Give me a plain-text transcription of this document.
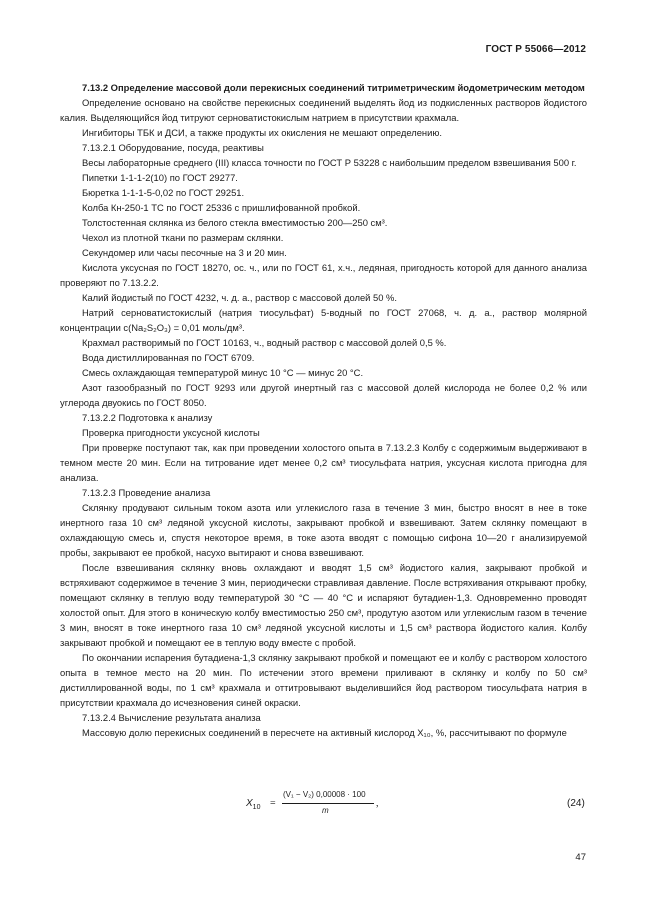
ГОСТ Р 55066—2012

7.13.2 Определение массовой доли перекисных соединений титриметрическим йодометрическим методом

Определение основано на свойстве перекисных соединений выделять йод из подкисленных растворов йодистого калия. Выделяющийся йод титруют серноватистокислым натрием в присутствии крахмала.

Ингибиторы ТБК и ДСИ, а также продукты их окисления не мешают определению.

7.13.2.1 Оборудование, посуда, реактивы

Весы лабораторные среднего (III) класса точности по ГОСТ Р 53228 с наибольшим пределом взвешивания 500 г.

Пипетки 1-1-1-2(10) по ГОСТ 29277.

Бюретка 1-1-1-5-0,02 по ГОСТ 29251.

Колба Кн-250-1 ТС по ГОСТ 25336 с пришлифованной пробкой.

Толстостенная склянка из белого стекла вместимостью 200—250 см³.

Чехол из плотной ткани по размерам склянки.

Секундомер или часы песочные на 3 и 20 мин.

Кислота уксусная по ГОСТ 18270, ос. ч., или по ГОСТ 61, х.ч., ледяная, пригодность которой для данного анализа проверяют по 7.13.2.2.

Калий йодистый по ГОСТ 4232, ч. д. а., раствор с массовой долей 50 %.

Натрий серноватистокислый (натрия тиосульфат) 5-водный по ГОСТ 27068, ч. д. а., раствор молярной концентрации с(Na₂S₂O₃) = 0,01 моль/дм³.

Крахмал растворимый по ГОСТ 10163, ч., водный раствор с массовой долей 0,5 %.

Вода дистиллированная по ГОСТ 6709.

Смесь охлаждающая температурой минус 10 °С — минус 20 °С.

Азот газообразный по ГОСТ 9293 или другой инертный газ с массовой долей кислорода не более 0,2 % или углерода двуокись по ГОСТ 8050.

7.13.2.2 Подготовка к анализу

Проверка пригодности уксусной кислоты

При проверке поступают так, как при проведении холостого опыта в 7.13.2.3 Колбу с содержимым выдерживают в темном месте 20 мин. Если на титрование идет менее 0,2 см³ тиосульфата натрия, уксусная кислота пригодна для анализа.

7.13.2.3 Проведение анализа

Склянку продувают сильным током азота или углекислого газа в течение 3 мин, быстро вносят в нее в токе инертного газа 10 см³ ледяной уксусной кислоты, закрывают пробкой и взвешивают. Затем склянку помещают в охлаждающую смесь и, спустя некоторое время, в токе азота вводят с помощью сифона 10—20 г анализируемой пробы, закрывают ее пробкой, насухо вытирают и снова взвешивают.

После взвешивания склянку вновь охлаждают и вводят 1,5 см³ йодистого калия, закрывают пробкой и встряхивают содержимое в течение 3 мин, периодически стравливая давление. После встряхивания открывают пробку, помещают склянку в теплую воду температурой 30 °С — 40 °С и испаряют бутадиен-1,3. Одновременно проводят холостой опыт. Для этого в коническую колбу вместимостью 250 см³, продутую азотом или углекислым газом в течение 3 мин, вносят в токе инертного газа 10 см³ ледяной уксусной кислоты и 1,5 см³ раствора йодистого калия. Колбу закрывают пробкой и помещают ее в теплую воду вместе с пробой.

По окончании испарения бутадиена-1,3 склянку закрывают пробкой и помещают ее и колбу с раствором холостого опыта в темное место на 20 мин. По истечении этого времени приливают в склянку и колбу по 50 см³ дистиллированной воды, по 1 см³ крахмала и оттитровывают выделившийся йод раствором тиосульфата натрия в присутствии крахмала до исчезновения синей окраски.

7.13.2.4 Вычисление результата анализа

Массовую долю перекисных соединений в пересчете на активный кислород X₁₀, %, рассчитывают по формуле

$X_{10}$ =
(V₁ − V₂) 0,00008 · 100
m
,	(24)
47
